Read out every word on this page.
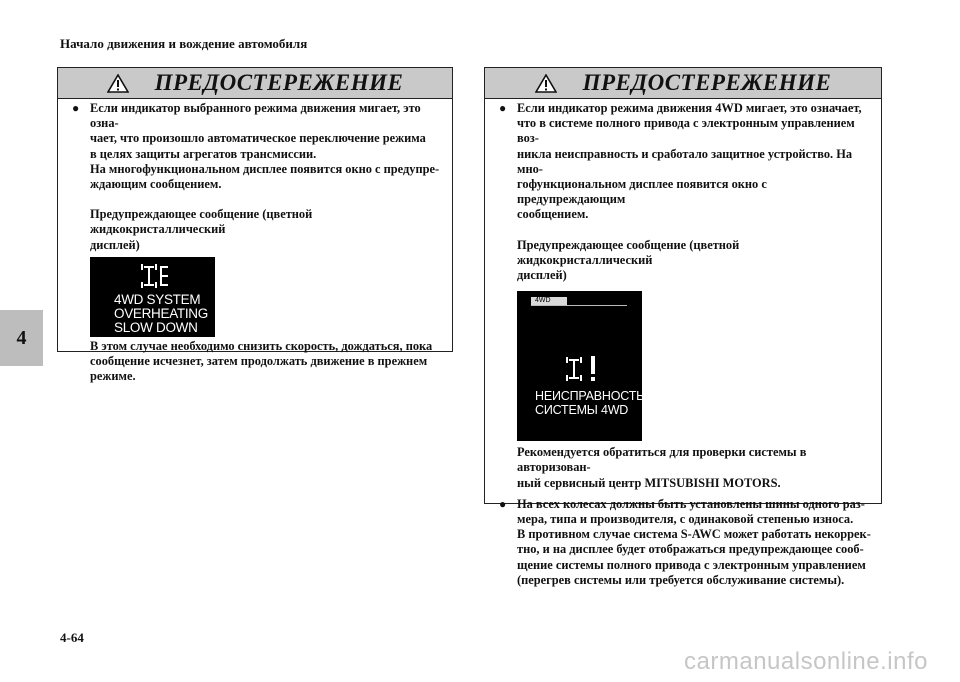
Начало движения и вождение автомобиля
4
4-64
ПРЕДОСТЕРЕЖЕНИЕ
● Если индикатор выбранного режима движения мигает, это озна-

чает, что произошло автоматическое переключение режима

в целях защиты агрегатов трансмиссии.

На многофункциональном дисплее появится окно с предупре-

ждающим сообщением.

Предупреждающее сообщение (цветной жидкокристаллический

дисплей)

4WD SYSTEM
OVERHEATING
SLOW DOWN

В этом случае необходимо снизить скорость, дождаться, пока

сообщение исчезнет, затем продолжать движение в прежнем

режиме.

ПРЕДОСТЕРЕЖЕНИЕ
● Если индикатор режима движения 4WD мигает, это означает,

что в системе полного привода с электронным управлением воз-

никла неисправность и сработало защитное устройство. На мно-

гофункциональном дисплее появится окно с предупреждающим

сообщением.

Предупреждающее сообщение (цветной жидкокристаллический

дисплей)

4WD
НЕИСПРАВНОСТЬ
СИСТЕМЫ 4WD

Рекомендуется обратиться для проверки системы в авторизован-

ный сервисный центр MITSUBISHI MOTORS.

● На всех колесах должны быть установлены шины одного раз-

мера, типа и производителя, с одинаковой степенью износа.

В противном случае система S-AWC может работать некоррек-

тно, и на дисплее будет отображаться предупреждающее сооб-

щение системы полного привода с электронным управлением

(перегрев системы или требуется обслуживание системы).

carmanualsonline.info
